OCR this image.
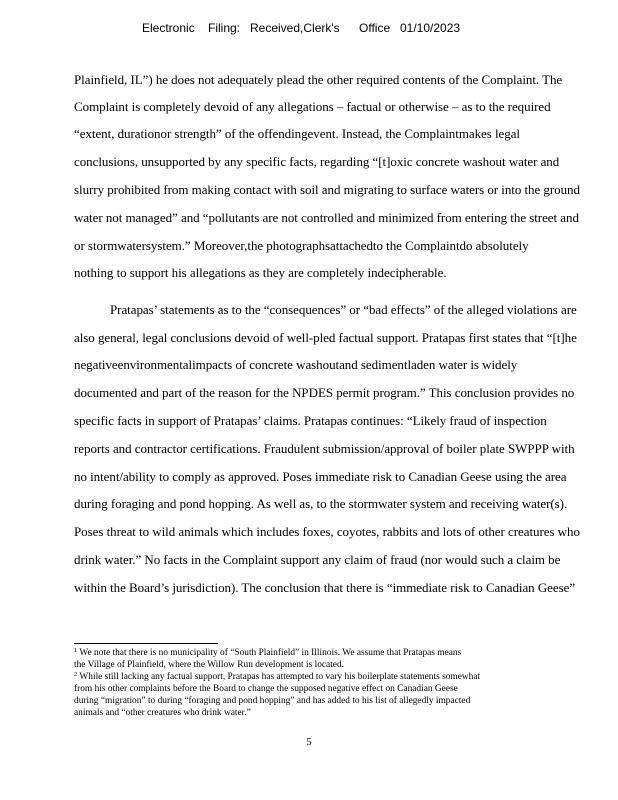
Electronic Filing: Received,Clerk's Office 01/10/2023
Plainfield, IL”) he does not adequately plead the other required contents of the Complaint. The
Complaint is completely devoid of any allegations – factual or otherwise – as to the required
“extent, durationor strength” of the offendingevent. Instead, the Complaintmakes legal
conclusions, unsupported by any specific facts, regarding “[t]oxic concrete washout water and
slurry prohibited from making contact with soil and migrating to surface waters or into the ground
water not managed” and “pollutants are not controlled and minimized from entering the street and
or stormwatersystem.” Moreover,the photographsattachedto the Complaintdo absolutely
nothing to support his allegations as they are completely indecipherable.
Pratapas’ statements as to the “consequences” or “bad effects” of the alleged violations are
also general, legal conclusions devoid of well-pled factual support. Pratapas first states that “[t]he
negativeenvironmentalimpacts of concrete washoutand sedimentladen water is widely
documented and part of the reason for the NPDES permit program.” This conclusion provides no
specific facts in support of Pratapas’ claims. Pratapas continues: “Likely fraud of inspection
reports and contractor certifications. Fraudulent submission/approval of boiler plate SWPPP with
no intent/ability to comply as approved. Poses immediate risk to Canadian Geese using the area
during foraging and pond hopping. As well as, to the stormwater system and receiving water(s).
Poses threat to wild animals which includes foxes, coyotes, rabbits and lots of other creatures who
drink water.” No facts in the Complaint support any claim of fraud (nor would such a claim be
within the Board’s jurisdiction). The conclusion that there is “immediate risk to Canadian Geese”
$^1$ We note that there is no municipality of “South Plainfield” in Illinois. We assume that Pratapas means
the Village of Plainfield, where the Willow Run development is located.
$^2$ While still lacking any factual support, Pratapas has attempted to vary his boilerplate statements somewhat
from his other complaints before the Board to change the supposed negative effect on Canadian Geese
during “migration” to during “foraging and pond hopping” and has added to his list of allegedly impacted
animals and “other creatures who drink water.”
5
